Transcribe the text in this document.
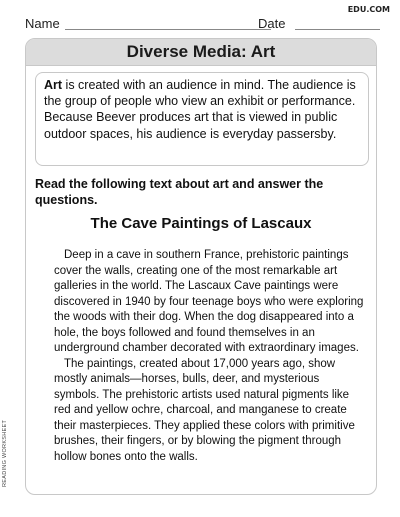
EDU.COM
Name	Date
Diverse Media: Art
Art is created with an audience in mind. The audience is the group of people who view an exhibit or performance. Because Beever produces art that is viewed in public outdoor spaces, his audience is everyday passersby.
Read the following text about art and answer the questions.
The Cave Paintings of Lascaux

Deep in a cave in southern France, prehistoric paintings cover the walls, creating one of the most remarkable art galleries in the world. The Lascaux Cave paintings were discovered in 1940 by four teenage boys who were exploring the woods with their dog. When the dog disappeared into a hole, the boys followed and found themselves in an underground chamber decorated with extraordinary images.

The paintings, created about 17,000 years ago, show mostly animals—horses, bulls, deer, and mysterious symbols. The prehistoric artists used natural pigments like red and yellow ochre, charcoal, and manganese to create their masterpieces. They applied these colors with primitive brushes, their fingers, or by blowing the pigment through hollow bones onto the walls.

READING WORKSHEET
